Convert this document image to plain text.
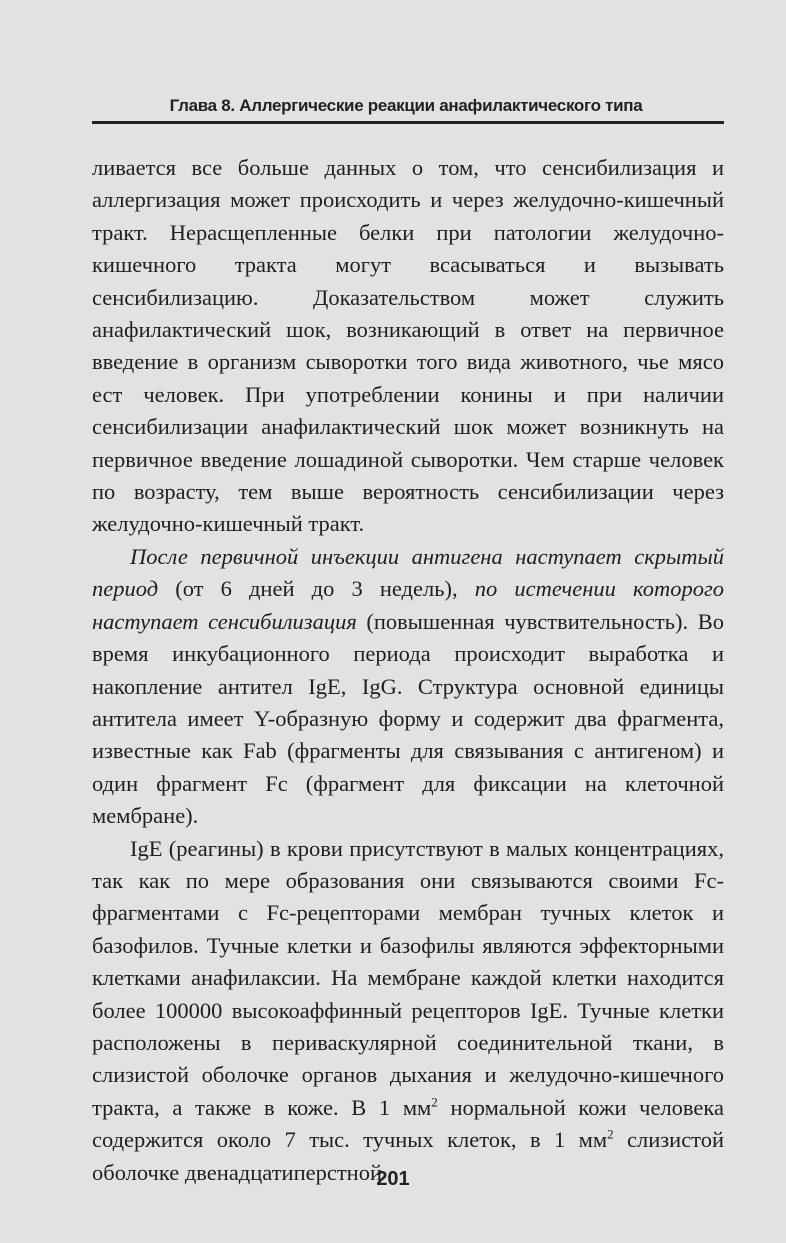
Глава 8. Аллергические реакции анафилактического типа

ливается все больше данных о том, что сенсибилизация и аллергизация может происходить и через желудочно-кишечный тракт. Нерасщепленные белки при патологии желудочно-кишечного тракта могут всасываться и вызывать сенсибилизацию. Доказательством может служить анафилактический шок, возникающий в ответ на первичное введение в организм сыворотки того вида животного, чье мясо ест человек. При употреблении конины и при наличии сенсибилизации анафилактический шок может возникнуть на первичное введение лошадиной сыворотки. Чем старше человек по возрасту, тем выше вероятность сенсибилизации через желудочно-кишечный тракт.

После первичной инъекции антигена наступает скрытый период (от 6 дней до 3 недель), по истечении которого наступает сенсибилизация (повышенная чувствительность). Во время инкубационного периода происходит выработка и накопление антител IgE, IgG. Структура основной единицы антитела имеет Y-образную форму и содержит два фрагмента, известные как Fab (фрагменты для связывания с антигеном) и один фрагмент Fc (фрагмент для фиксации на клеточной мембране).

IgE (реагины) в крови присутствуют в малых концентрациях, так как по мере образования они связываются своими Fc-фрагментами с Fc-рецепторами мембран тучных клеток и базофилов. Тучные клетки и базофилы являются эффекторными клетками анафилаксии. На мембране каждой клетки находится более 100000 высокоаффинный рецепторов IgE. Тучные клетки расположены в периваскулярной соединительной ткани, в слизистой оболочке органов дыхания и желудочно-кишечного тракта, а также в коже. В 1 $мм^2$ нормальной кожи человека содержится около 7 тыс. тучных клеток, в 1 $мм^2$ слизистой оболочке двенадцатиперстной

201
